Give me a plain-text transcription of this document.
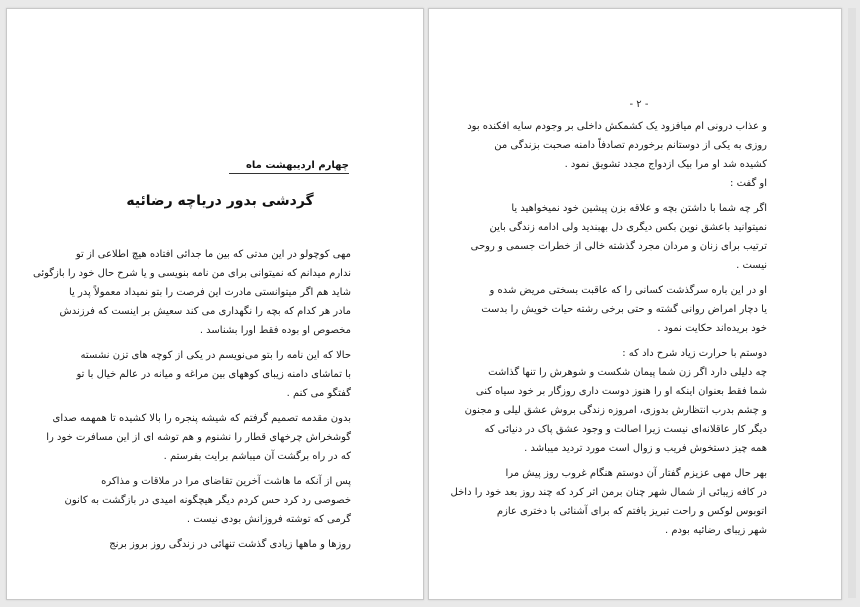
چهارم اردیبهشت ماه
گردشی بدور دریاچه رضائیه
مهی کوچولو در این مدتی که بین ما جدائی افتاده هیچ اطلاعی از تو
ندارم میدانم که نمیتوانی برای من نامه بنویسی و یا شرح حال خود را بازگوئی
شاید هم اگر میتوانستی مادرت این فرصت را بتو نمیداد معمولاً پدر یا
مادر هر کدام که بچه را نگهداری می کند سعیش بر اینست که فرزندش
مخصوص او بوده فقط اورا بشناسد .
حالا که این نامه را بتو می‌نویسم در یکی از کوچه های تزن نشسته
با تماشای دامنه زیبای کوههای بین مراغه و میانه در عالم خیال با تو
گفتگو می کنم .
بدون مقدمه تصمیم گرفتم که شیشه پنجره را بالا کشیده تا همهمه صدای
گوشخراش چرخهای قطار را نشنوم و هم توشه ای از این مسافرت خود را
که در راه برگشت آن میباشم برایت بفرستم .
پس از آنکه ما هاشت آخرین تقاضای مرا در ملاقات و مذاکره
خصوصی رد کرد حس کردم دیگر هیچگونه امیدی در بازگشت به کانون
گرمی که توشته فروزانش بودی نیست .
روزها و ماهها زیادی گذشت تنهائی در زندگی روز بروز برنج
- ۲ -
و عذاب درونی ام میافزود یک کشمکش داخلی بر وجودم سایه افکنده بود
روزی به یکی از دوستانم برخوردم تصادفاً دامنه صحبت بزندگی من
کشیده شد او مرا بیک ازدواج مجدد تشویق نمود .
او گفت :
اگر چه شما با داشتن بچه و علاقه بزن پیشین خود نمیخواهید یا
نمیتوانید باعشق نوین بکس دیگری دل بهبندید ولی ادامه زندگی باین
ترتیب برای زنان و مردان مجرد گذشته خالی از خطرات جسمی و روحی
نیست .
او در این باره سرگذشت کسانی را که عاقبت بسختی مریض شده و
یا دچار امراض روانی گشته و حتی برخی رشته حیات خویش را بدست
خود بریده‌اند حکایت نمود .
دوستم با حرارت زیاد شرح داد که :
چه دلیلی دارد اگر زن شما پیمان شکست و شوهرش را تنها گذاشت
شما فقط بعنوان اینکه او را هنوز دوست داری روزگار بر خود سیاه کنی
و چشم بدرب انتظارش بدوزی، امروزه زندگی بروش عشق لیلی و مجنون
دیگر کار عاقلانه‌ای نیست زیرا اصالت و وجود عشق پاک در دنیائی که
همه چیز دستخوش فریب و زوال است مورد تردید میباشد .
بهر حال مهی عزیزم گفتار آن دوستم هنگام غروب روز پیش مرا
در کافه زیبائی از شمال شهر چنان برمن اثر کرد که چند روز بعد خود را داخل
اتوبوس لوکس و راحت تبریز یافتم که برای آشنائی با دختری عازم
شهر زیبای رضائیه بودم .
